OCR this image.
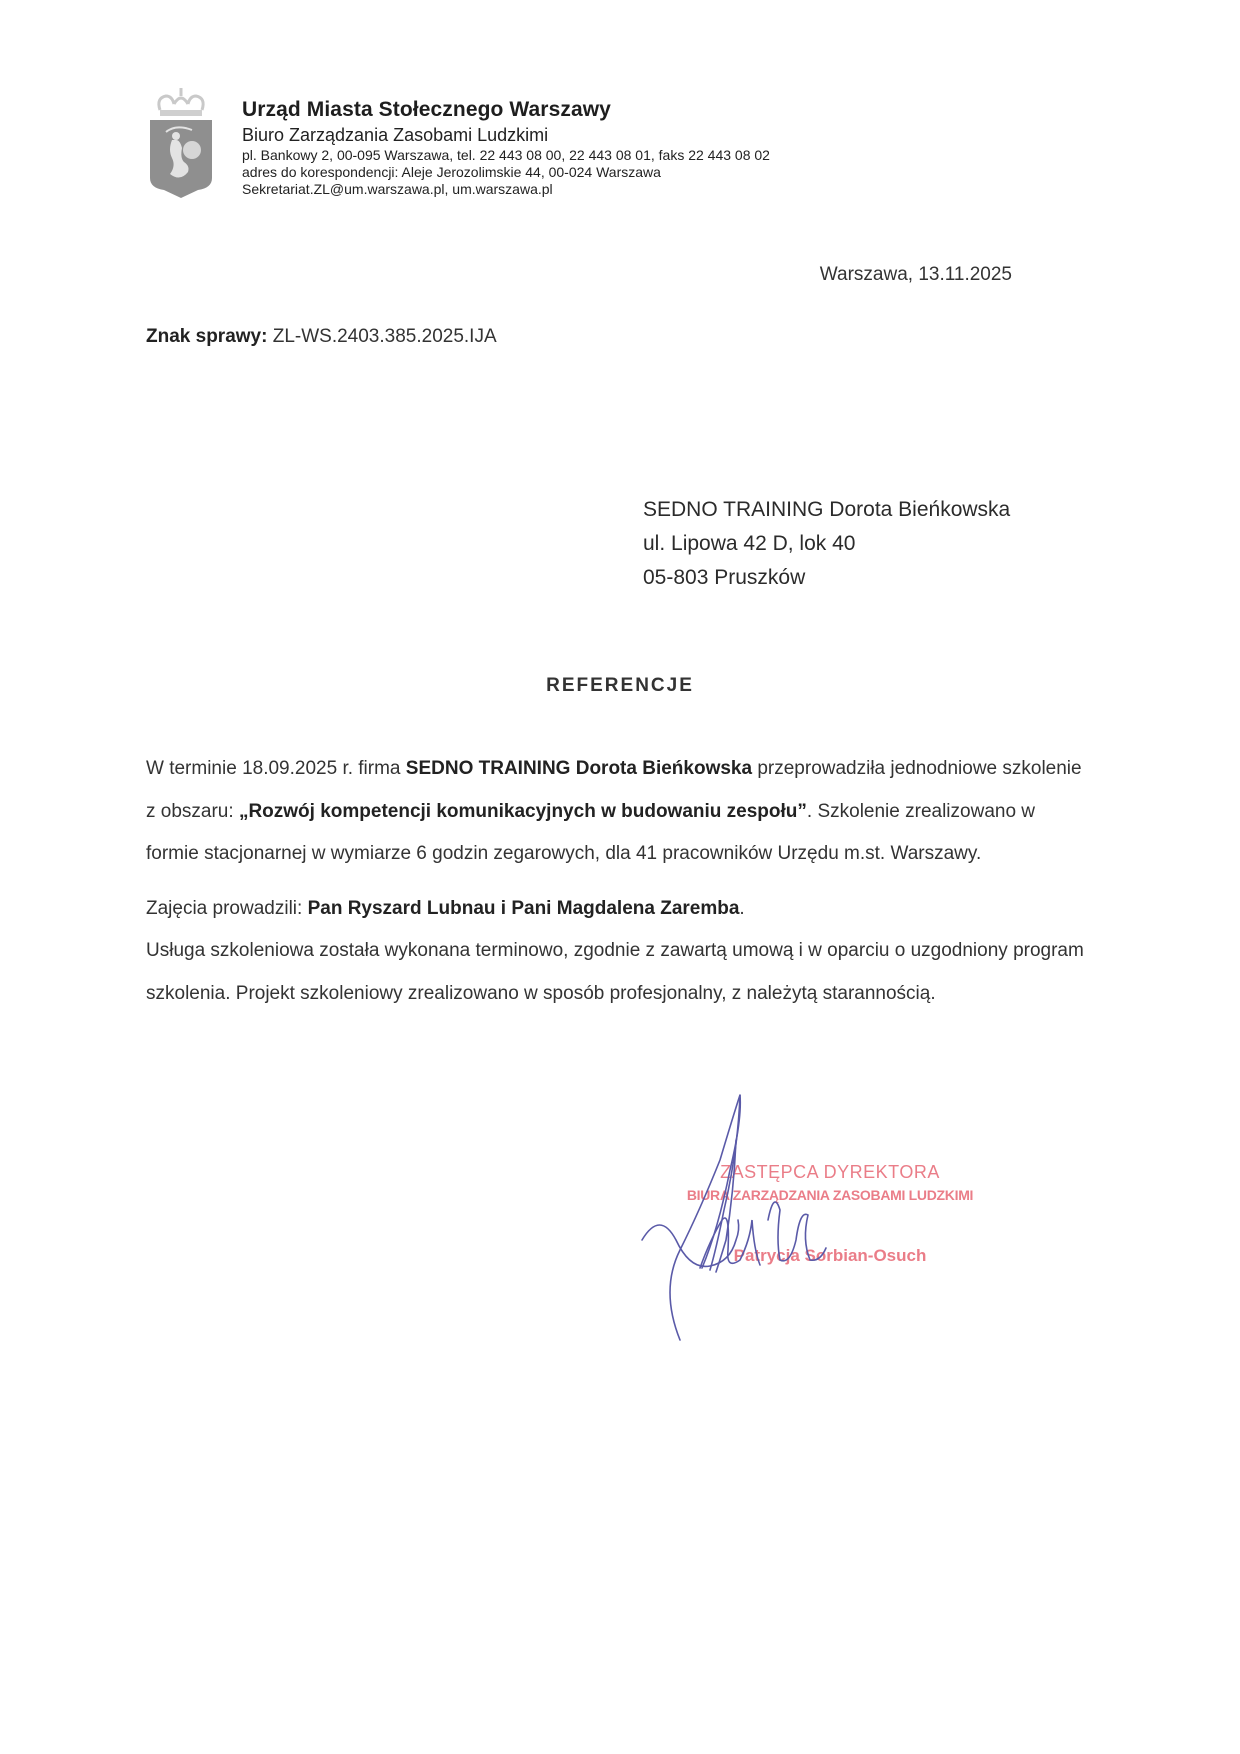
Urząd Miasta Stołecznego Warszawy
Biuro Zarządzania Zasobami Ludzkimi
pl. Bankowy 2, 00-095 Warszawa, tel. 22 443 08 00, 22 443 08 01, faks 22 443 08 02
adres do korespondencji: Aleje Jerozolimskie 44, 00-024 Warszawa
Sekretariat.ZL@um.warszawa.pl, um.warszawa.pl
Warszawa, 13.11.2025
Znak sprawy: ZL-WS.2403.385.2025.IJA
SEDNO TRAINING Dorota Bieńkowska
ul. Lipowa 42 D, lok 40
05-803 Pruszków
REFERENCJE

W terminie 18.09.2025 r. firma SEDNO TRAINING Dorota Bieńkowska przeprowadziła jednodniowe szkolenie z obszaru: „Rozwój kompetencji komunikacyjnych w budowaniu zespołu”. Szkolenie zrealizowano w formie stacjonarnej w wymiarze 6 godzin zegarowych, dla 41 pracowników Urzędu m.st. Warszawy.

Zajęcia prowadzili: Pan Ryszard Lubnau i Pani Magdalena Zaremba.

Usługa szkoleniowa została wykonana terminowo, zgodnie z zawartą umową i w oparciu o uzgodniony program szkolenia. Projekt szkoleniowy zrealizowano w sposób profesjonalny, z należytą starannością.

ZASTĘPCA DYREKTORA
BIURA ZARZĄDZANIA ZASOBAMI LUDZKIMI
Patrycja Sorbian-Osuch
